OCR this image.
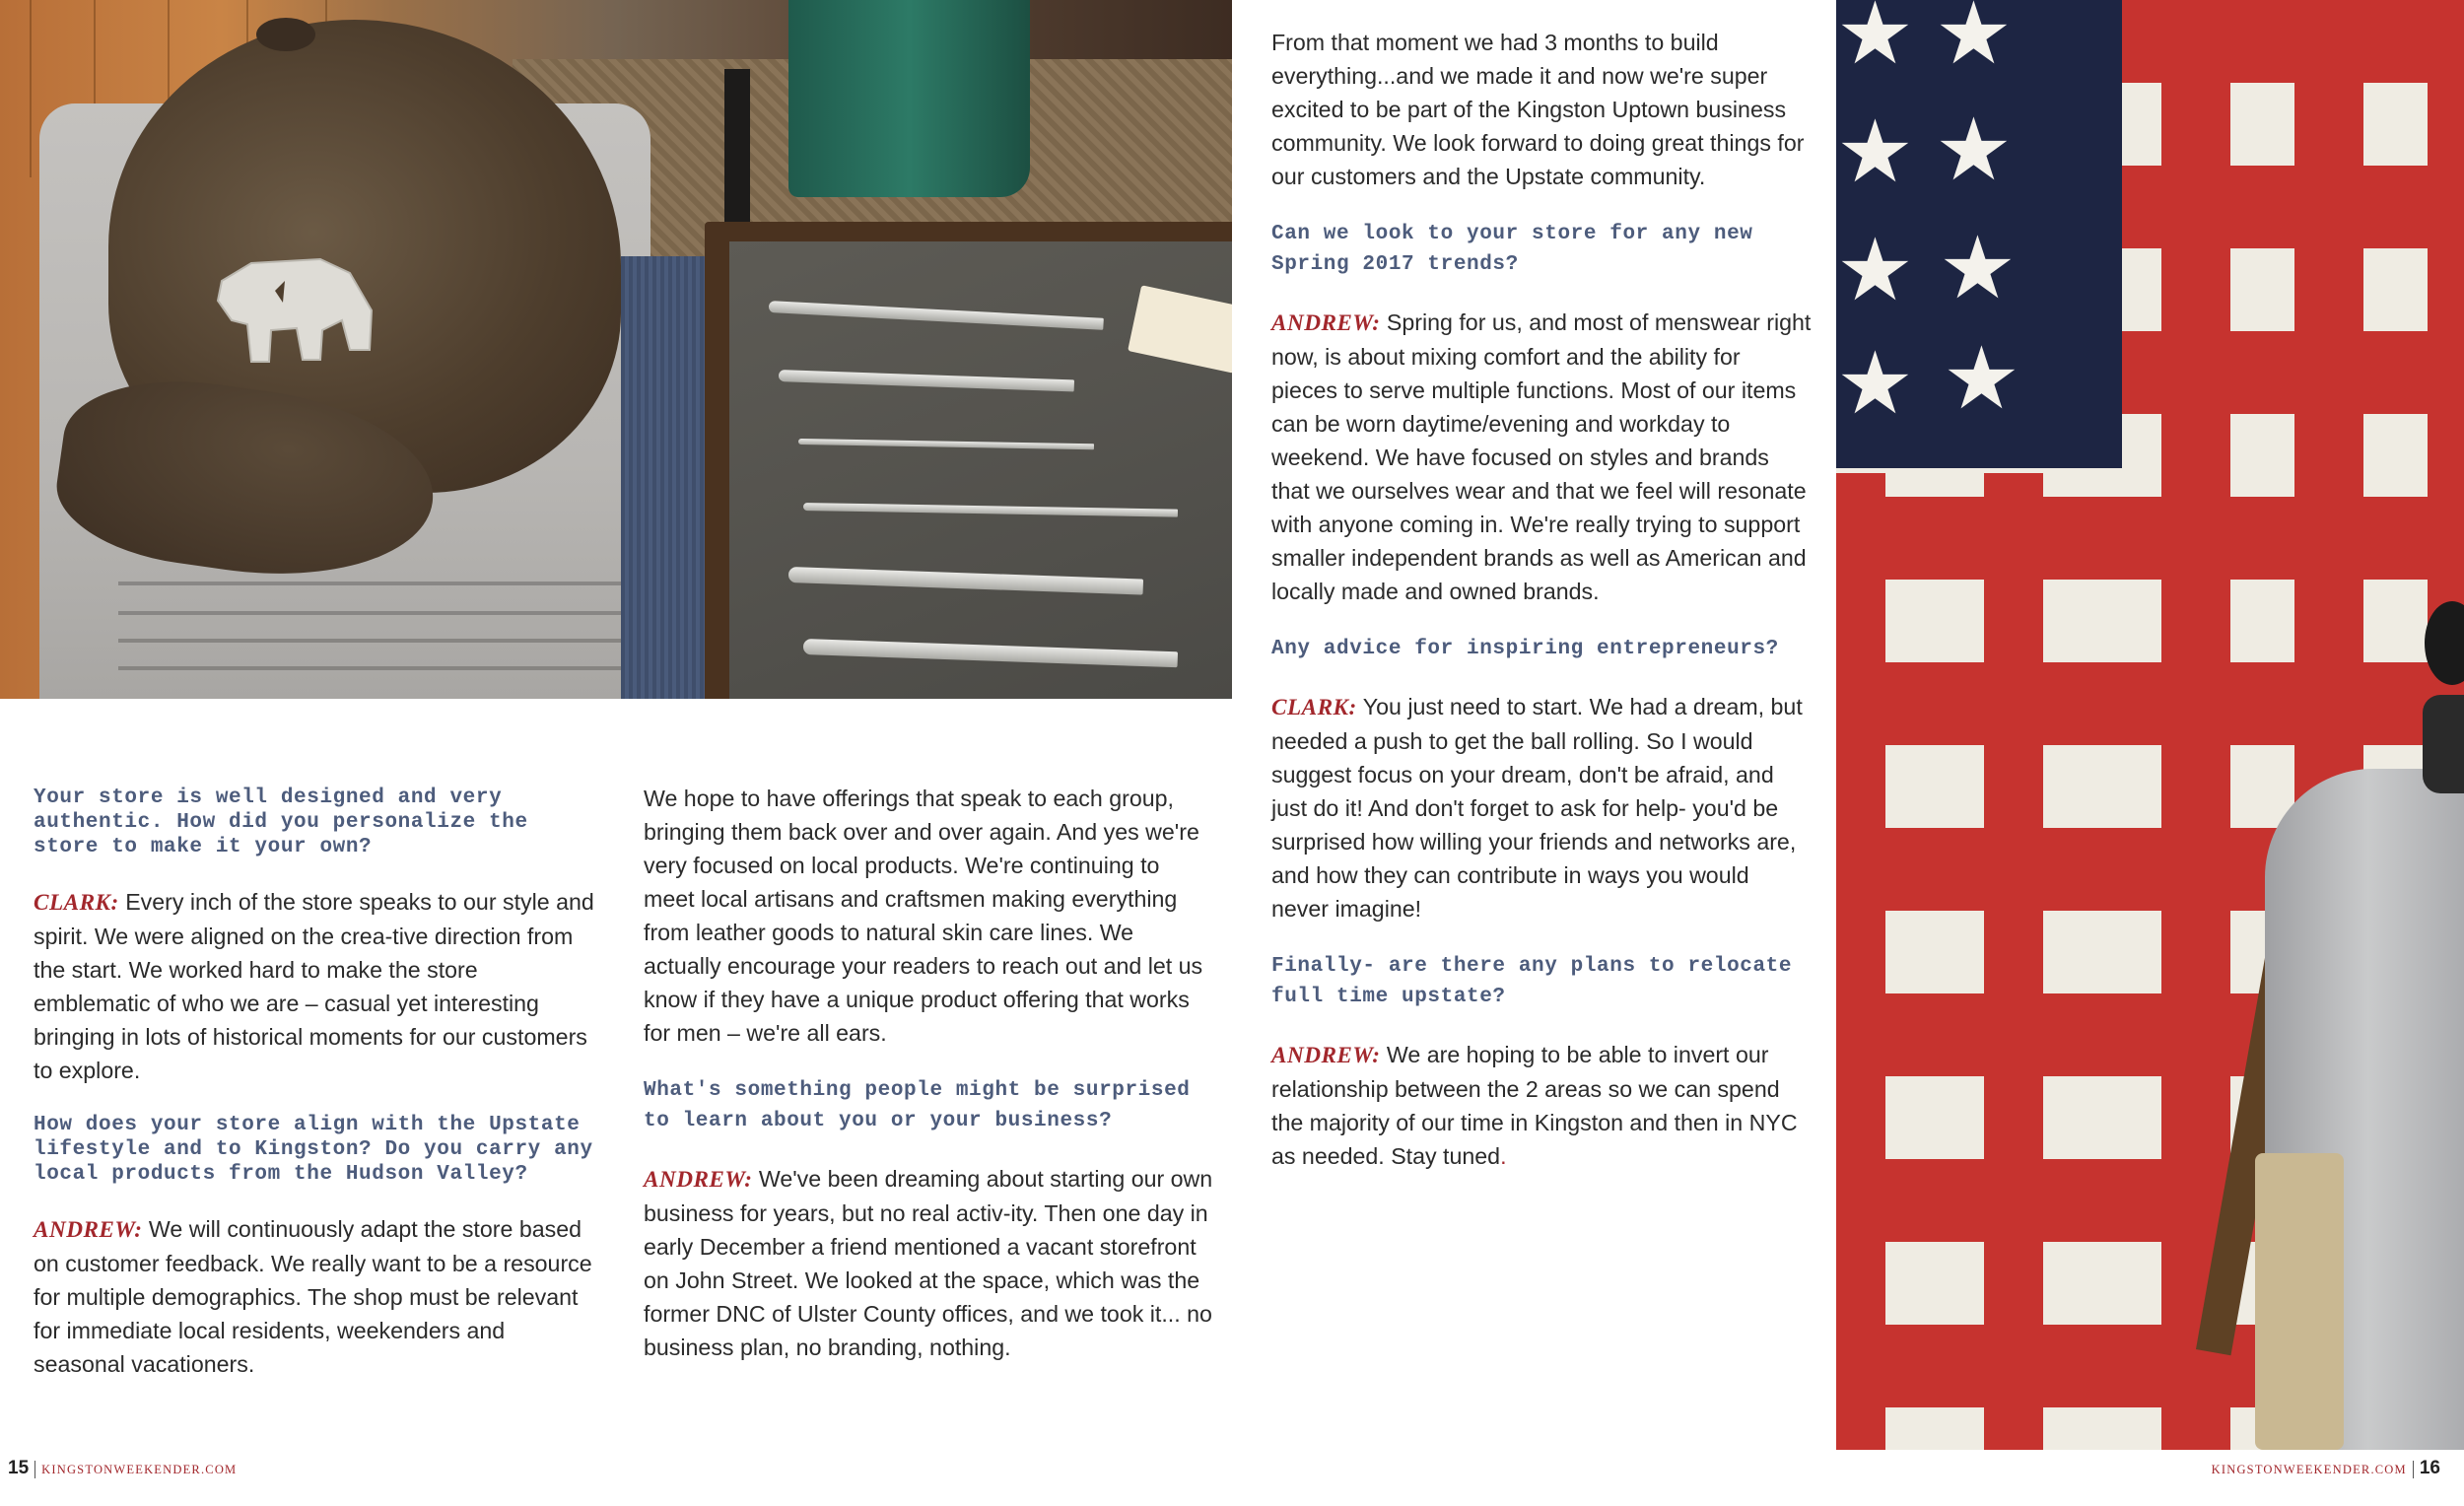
★ ★
★ ★
★ ★
★ ★

Your store is well designed and very authentic. How did you personalize the store to make it your own?

CLARK: Every inch of the store speaks to our style and spirit. We were aligned on the crea-tive direction from the start. We worked hard to make the store emblematic of who we are – casual yet interesting bringing in lots of historical moments for our customers to explore.

How does your store align with the Upstate lifestyle and to Kingston? Do you carry any local products from the Hudson Valley?

ANDREW: We will continuously adapt the store based on customer feedback. We really want to be a resource for multiple demographics. The shop must be relevant for immediate local residents, weekenders and seasonal vacationers.

We hope to have offerings that speak to each group, bringing them back over and over again. And yes we're very focused on local products. We're continuing to meet local artisans and craftsmen making everything from leather goods to natural skin care lines. We actually encourage your readers to reach out and let us know if they have a unique product offering that works for men – we're all ears.

What's something people might be surprised to learn about you or your business?

ANDREW: We've been dreaming about starting our own business for years, but no real activ-ity. Then one day in early December a friend mentioned a vacant storefront on John Street. We looked at the space, which was the former DNC of Ulster County offices, and we took it... no business plan, no branding, nothing.

From that moment we had 3 months to build everything...and we made it and now we're super excited to be part of the Kingston Uptown business community. We look forward to doing great things for our customers and the Upstate community.

Can we look to your store for any new Spring 2017 trends?

ANDREW: Spring for us, and most of menswear right now, is about mixing comfort and the ability for pieces to serve multiple functions. Most of our items can be worn daytime/evening and workday to weekend. We have focused on styles and brands that we ourselves wear and that we feel will resonate with anyone coming in. We're really trying to support smaller independent brands as well as American and locally made and owned brands.

Any advice for inspiring entrepreneurs?

CLARK: You just need to start. We had a dream, but needed a push to get the ball rolling. So I would suggest focus on your dream, don't be afraid, and just do it! And don't forget to ask for help- you'd be surprised how willing your friends and networks are, and how they can contribute in ways you would never imagine!

Finally- are there any plans to relocate full time upstate?

ANDREW: We are hoping to be able to invert our relationship between the 2 areas so we can spend the majority of our time in Kingston and then in NYC as needed. Stay tuned.

15 KINGSTONWEEKENDER.COM	KINGSTONWEEKENDER.COM 16
